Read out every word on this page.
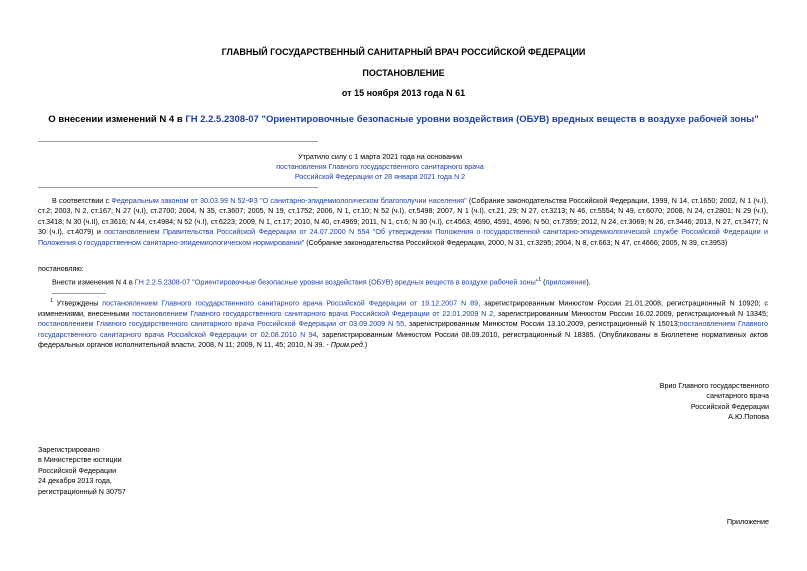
ГЛАВНЫЙ ГОСУДАРСТВЕННЫЙ САНИТАРНЫЙ ВРАЧ РОССИЙСКОЙ ФЕДЕРАЦИИ
ПОСТАНОВЛЕНИЕ
от 15 ноября 2013 года N 61
О внесении изменений N 4 в ГН 2.2.5.2308-07 "Ориентировочные безопасные уровни воздействия (ОБУВ) вредных веществ в воздухе рабочей зоны"
Утратило силу с 1 марта 2021 года на основании
постановления Главного государственного санитарного врача
Российской Федерации от 28 января 2021 года N 2
В соответствии с Федеральным законом от 30.03.99 N 52-ФЗ "О санитарно-эпидемиологическом благополучии населения" (Собрание законодательства Российской Федерации, 1999, N 14, ст.1650; 2002, N 1 (ч.I), ст.2; 2003, N 2, ст.167; N 27 (ч.I), ст.2700; 2004, N 35, ст.3607; 2005, N 19, ст.1752; 2006, N 1, ст.10; N 52 (ч.I), ст.5498; 2007, N 1 (ч.I), ст.21, 29; N 27, ст.3213; N 46, ст.5554; N 49, ст.6070; 2008, N 24, ст.2801; N 29 (ч.I), ст.3418; N 30 (ч.II), ст.3616; N 44, ст.4984; N 52 (ч.I), ст.6223; 2009, N 1, ст.17; 2010, N 40, ст.4969; 2011, N 1, ст.6; N 30 (ч.I), ст.4563, 4590, 4591, 4596; N 50, ст.7359; 2012, N 24, ст.3069; N 26, ст.3446; 2013, N 27, ст.3477; N 30 (ч.I), ст.4079) и постановлением Правительства Российской Федерации от 24.07.2000 N 554 "Об утверждении Положения о государственной санитарно-эпидемиологической службе Российской Федерации и Положения о государственном санитарно-эпидемиологическом нормировании" (Собрание законодательства Российской Федерации, 2000, N 31, ст.3295; 2004, N 8, ст.663; N 47, ст.4666; 2005, N 39, ст.3953)
постановляю:
Внести изменения N 4 в ГН 2.2.5.2308-07 "Ориентировочные безопасные уровни воздействия (ОБУВ) вредных веществ в воздухе рабочей зоны"$^1$ (приложение).
$^1$ Утверждены постановлением Главного государственного санитарного врача Российской Федерации от 19.12.2007 N 89, зарегистрированным Минюстом России 21.01.2008, регистрационный N 10920; с изменениями, внесенными постановлением Главного государственного санитарного врача Российской Федерации от 22.01.2009 N 2, зарегистрированным Минюстом России 16.02.2009, регистрационный N 13345; постановлением Главного государственного санитарного врача Российской Федерации от 03.09.2009 N 55, зарегистрированным Минюстом России 13.10.2009, регистрационный N 15013;постановлением Главного государственного санитарного врача Российской Федерации от 02.08.2010 N 94, зарегистрированным Минюстом России 08.09.2010, регистрационный N 18385. (Опубликованы в Бюллетене нормативных актов федеральных органов исполнительной власти, 2008, N 11; 2009, N 11, 45; 2010, N 39. - Прим.ред.)
Врио Главного государственного
санитарного врача
Российской Федерации
А.Ю.Попова
Зарегистрировано
в Министерстве юстиции
Российской Федерации
24 декабря 2013 года,
регистрационный N 30757
Приложение
